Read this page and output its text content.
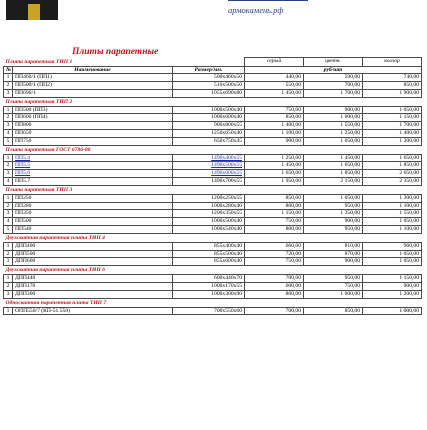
армокамень.рф
Плиты парапетные
Плита парапетная ТИП 1			серый	цветн.	коллор
№	Наименование	Размер/мм.	руб/шт		
1	ПП460/1 (ПП1)	500х460х50	440,00	590,00	740,00
2	ПП500/1 (ПП2)	510х500х50	550,00	700,00	850,00
3	ПП690/1	1055х690х80	1 450,00	1 700,00	1 900,00
Плита парапетная ТИП 2					
1	ПП500 (ПП3)	1000х500х40	750,00	900,00	1 050,00
2	ПП600 (ПП4)	1000х600х40	850,00	1 000,00	1 150,00
3	ПП800	900х800х55	1 400,00	1 550,00	1 700,00
4	ПП650	1250х650х40	1 100,00	1 250,00	1 400,00
5	ПП750	650х750х45	900,00	1 050,00	1 200,00
Плита парапетная ГОСТ 6786-80					
1	ПП5.4	1490х400х55	1 250,00	1 450,00	1 650,00
2	ПП5.5	1490х500х55	1 450,00	1 650,00	1 850,00
3	ПП5.6	1490х600х55	1 650,00	1 850,00	2 050,00
4	ПП5.7	1490х700х55	1 950,00	2 150,00	2 350,00
Плита парапетная ТИП 3					
1	ПП250	1200х250х55	850,00	1 050,00	1 300,00
2	ПП280	1000х280х40	800,00	950,00	1 100,00
3	ПП350	1200х350х55	1 150,00	1 350,00	1 550,00
4	ПП500	1000х500х40	750,00	900,00	1 050,00
5	ПП540	1000х540х40	800,00	950,00	1 100,00
Двухскатная парапетная плита ТИП 4					
1	ДПП400	855х400х40	660,00	810,00	960,00
2	ДПП500	855х500х40	720,00	870,00	1 050,00
3	ДПП600	855х600х40	750,00	900,00	1 050,00
Двухскатная парапетная плита ТИП 6					
1	ДПП440	600х440х70	700,00	950,00	1 150,00
2	ДПП170	1000х170х55	600,00	750,00	900,00
3	ДПП300	1000х300х90	800,00	1 000,00	1 200,00
Односкатная парапетная плита ТИП 7					
1	ОПП550/7 (КП-51.550)	700х550х60	700,00	850,00	1 000,00
